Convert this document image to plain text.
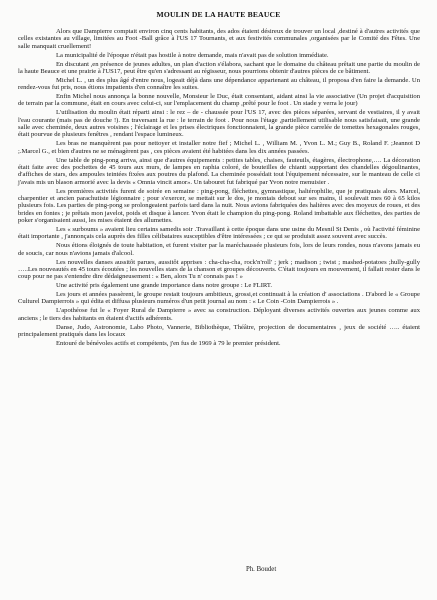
MOULIN DE LA HAUTE BEAUCE

Alors que Dampierre comptait environ cinq cents habitants, des ados étaient désireux de trouver un local ,destiné à d'autres activités que celles existantes au village, limitées au Foot -Ball grâce à l'US 17 Tournants, et aux festivités communales ,organisées par le Comité des Fêtes. Une salle manquait cruellement!

La municipalité de l'époque n'était pas hostile à notre demande, mais n'avait pas de solution immédiate.

En discutant ,en présence de jeunes adultes, un plan d'action s'élabora, sachant que le domaine du château prêtait une partie du moulin de la haute Beauce et une prairie à l'US17, peut être qu'en s'adressant au régisseur, nous pourrions obtenir d'autres pièces de ce bâtiment.

Michel L. , un des plus âgé d'entre nous, logeait déjà dans une dépendance appartenant au château, il proposa d'en faire la demande. Un rendez-vous fut pris, nous étions impatients d'en connaître les suites.

Enfin Michel nous annonça la bonne nouvelle, Monsieur le Duc, était consentant, aidant ainsi la vie associative (Un projet d'acquisition de terrain par la commune, était en cours avec celui-ci, sur l'emplacement du champ ,prêté pour le foot . Un stade y verra le jour)

L'utilisation du moulin était réparti ainsi : le rez – de - chaussée pour l'US 17, avec des pièces séparées, servant de vestiaires, il y avait l'eau courante (mais pas de douche !). En traversant la rue : le terrain de foot . Pour nous l'étage ,partiellement utilisable nous satisfaisait, une grande salle avec cheminée, deux autres voisines ; l'éclairage et les prises électriques fonctionnaient, la grande pièce carrelée de tomettes hexagonales rouges, était pourvue de plusieurs fenêtres , rendant l'espace lumineux.

Les bras ne manquèrent pas pour nettoyer et installer notre fief ; Michel L. , William M. , Yvon L. M.; Guy B., Roland F. ;Jeannot D ;.Marcel G., et bien d'autres ne se ménagèrent pas , ces pièces avaient été habitées dans les dix années passées.

Une table de ping-pong arriva, ainsi que d'autres équipements : petites tables, chaises, fauteuils, étagères, électrophone,…. La décoration était faite avec des pochettes de 45 tours aux murs, de lampes en raphia coloré, de bouteilles de chianti supportant des chandelles dégoulinantes, d'affiches de stars, des ampoules teintées fixées aux poutres du plafond. La cheminée possédait tout l'équipement nécessaire, sur le manteau de celle ci j'avais mis un blason armorié avec la devis « Omnia vincit amor». Un tabouret fut fabriqué par Yvon notre menuisier .

Les premières activités furent de soirée en semaine : ping-pong, fléchettes, gymnastique, haltérophilie, que je pratiquais alors. Marcel, charpentier et ancien parachutiste légionnaire ; pour s'exercer, se mettait sur le dos, je montais debout sur ses mains, il soulevait mes 60 à 65 kilos plusieurs fois. Les parties de ping-pong se prolongeaient parfois tard dans la nuit. Nous avions fabriquées des haltères avec des moyeux de roues, et des brides en fontes ; je prêtais mon javelot, poids et disque à lancer. Yvon était le champion du ping-pong. Roland imbattable aux fléchettes, des parties de poker s'organisaient aussi, les mises étaient des allumettes.

Les « surboums » avaient lieu certains samedis soir .Travaillant à cette époque dans une usine du Mesnil St Denis , où l'activité féminine était importante , j'annonçais cela auprès des filles célibataires susceptibles d'être intéressées ; ce qui se produisit assez souvent avec succès.

Nous étions éloignés de toute habitation, et furent visiter par la maréchaussée plusieurs fois, lors de leurs rondes, nous n'avons jamais eu de soucis, car nous n'avions jamais d'alcool.

Les nouvelles danses aussitôt parues, aussitôt apprises : cha-cha-cha, rock'n'roll' ; jerk ; madison ; twist ; mashed-potatoes ;hully-gully …..Les nouveautés en 45 tours écoutées ; les nouvelles stars de la chanson et groupes découverts. C'était toujours en mouvement, il fallait rester dans le coup pour ne pas s'entendre dire dédaigneusement : « Ben, alors Tu n' connais pas ! »

Une activité pris également une grande importance dans notre groupe : Le FLIRT.

Les jours et années passèrent, le groupe restait toujours ambitieux, grossi,et continuait à la création d' associations . D'abord le « Groupe Culturel Dampierrois » qui édita et diffusa plusieurs numéros d'un petit journal au nom : « Le Coin -Coin Dampierrois » .

L'apothéose fut le « Foyer Rural de Dampierre » avec sa construction. Déployant diverses activités ouvertes aux jeunes comme aux anciens ; le tiers des habitants en étaient d'actifs adhérents.

Danse, Judo, Astronomie, Labo Photo, Vannerie, Bibliothèque, Théâtre, projection de documentaires , jeux de société ….. étaient principalement pratiqués dans les locaux

Entouré de bénévoles actifs et compétents, j'en fus de 1969 à 79 le premier président.

Ph. Boudet
